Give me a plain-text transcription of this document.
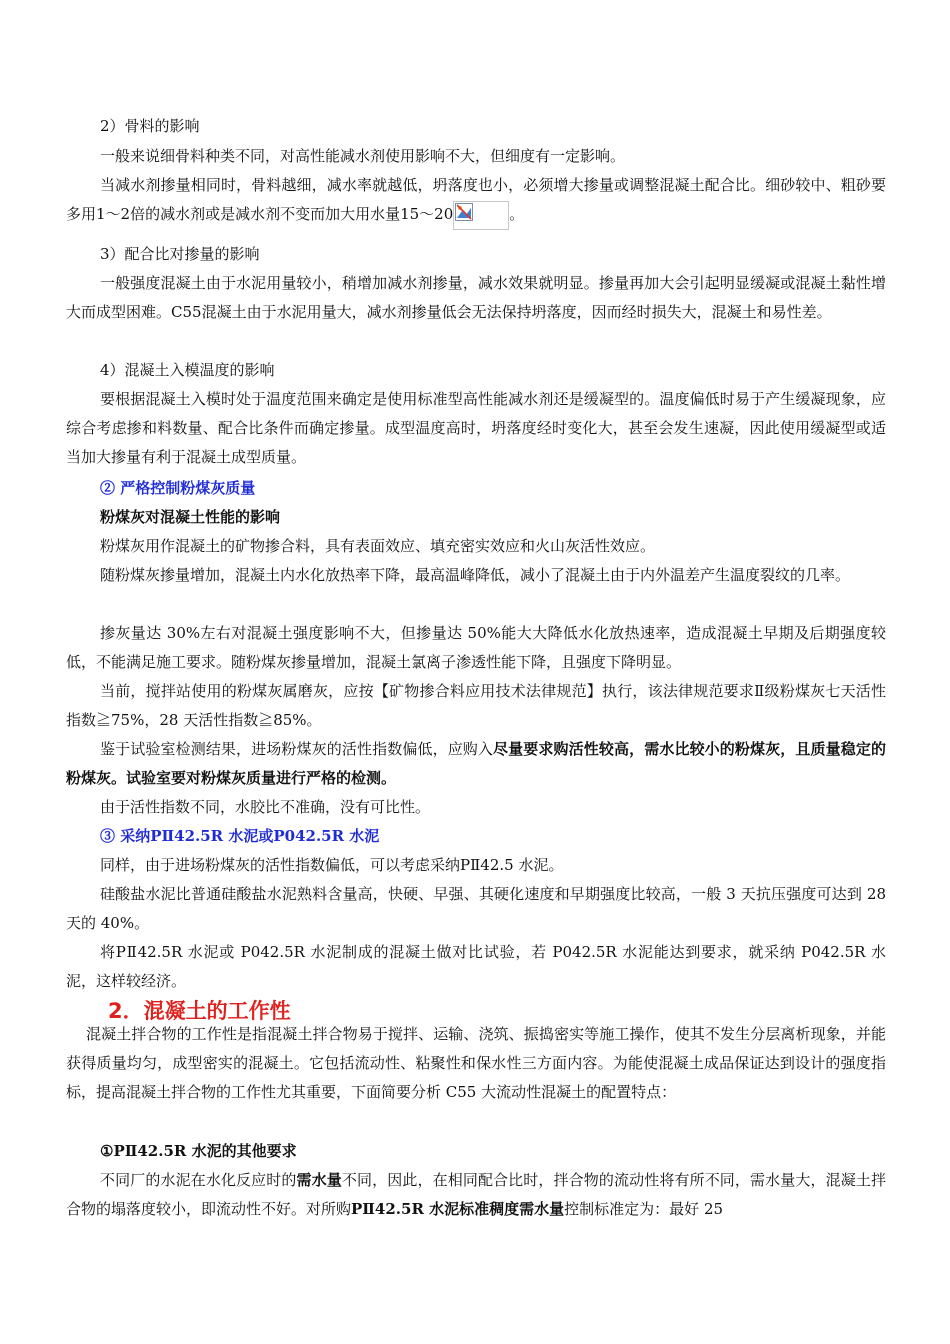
2）骨料的影响

一般来说细骨料种类不同，对高性能减水剂使用影响不大，但细度有一定影响。

当减水剂掺量相同时，骨料越细，减水率就越低，坍落度也小，必须增大掺量或调整混凝土配合比。细砂较中、粗砂要多用1～2倍的减水剂或是减水剂不变而加大用水量15～20	。

3）配合比对掺量的影响

一般强度混凝土由于水泥用量较小，稍增加减水剂掺量，减水效果就明显。掺量再加大会引起明显缓凝或混凝土黏性增大而成型困难。C55混凝土由于水泥用量大，减水剂掺量低会无法保持坍落度，因而经时损失大，混凝土和易性差。

4）混凝土入模温度的影响

要根据混凝土入模时处于温度范围来确定是使用标准型高性能减水剂还是缓凝型的。温度偏低时易于产生缓凝现象，应综合考虑掺和料数量、配合比条件而确定掺量。成型温度高时，坍落度经时变化大，甚至会发生速凝，因此使用缓凝型或适当加大掺量有利于混凝土成型质量。

② 严格控制粉煤灰质量

粉煤灰对混凝土性能的影响

粉煤灰用作混凝土的矿物掺合料，具有表面效应、填充密实效应和火山灰活性效应。

随粉煤灰掺量增加，混凝土内水化放热率下降，最高温峰降低，减小了混凝土由于内外温差产生温度裂纹的几率。

掺灰量达 30%左右对混凝土强度影响不大，但掺量达 50%能大大降低水化放热速率，造成混凝土早期及后期强度较低，不能满足施工要求。随粉煤灰掺量增加，混凝土氯离子渗透性能下降，且强度下降明显。

当前，搅拌站使用的粉煤灰属磨灰，应按【矿物掺合料应用技术法律规范】执行，该法律规范要求Ⅱ级粉煤灰七天活性指数≧75%，28 天活性指数≧85%。

鉴于试验室检测结果，进场粉煤灰的活性指数偏低，应购入尽量要求购活性较高，需水比较小的粉煤灰，且质量稳定的粉煤灰。试验室要对粉煤灰质量进行严格的检测。

由于活性指数不同，水胶比不准确，没有可比性。

③ 采纳PⅡ42.5R 水泥或P042.5R 水泥

同样，由于进场粉煤灰的活性指数偏低，可以考虑采纳PⅡ42.5 水泥。

硅酸盐水泥比普通硅酸盐水泥熟料含量高，快硬、早强、其硬化速度和早期强度比较高，一般 3 天抗压强度可达到 28 天的 40%。

将PⅡ42.5R 水泥或 P042.5R 水泥制成的混凝土做对比试验，若 P042.5R 水泥能达到要求，就采纳 P042.5R 水泥，这样较经济。

2．混凝土的工作性

混凝土拌合物的工作性是指混凝土拌合物易于搅拌、运输、浇筑、振捣密实等施工操作，使其不发生分层离析现象，并能获得质量均匀，成型密实的混凝土。它包括流动性、粘聚性和保水性三方面内容。为能使混凝土成品保证达到设计的强度指标，提高混凝土拌合物的工作性尤其重要，下面简要分析 C55 大流动性混凝土的配置特点：

①PⅡ42.5R 水泥的其他要求

不同厂的水泥在水化反应时的需水量不同，因此，在相同配合比时，拌合物的流动性将有所不同，需水量大，混凝土拌合物的塌落度较小，即流动性不好。对所购PⅡ42.5R 水泥标准稠度需水量控制标准定为：最好 25
